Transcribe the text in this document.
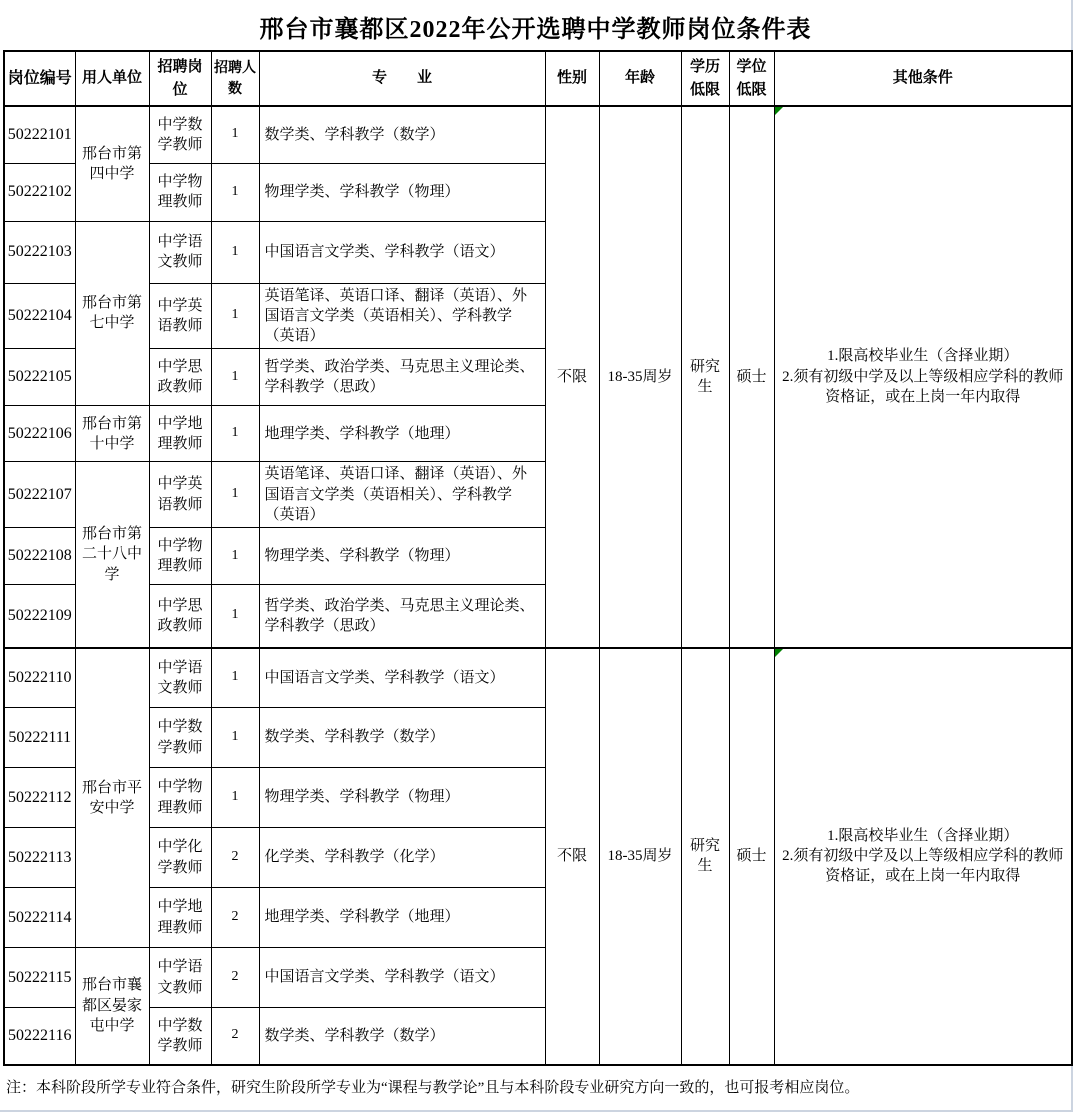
邢台市襄都区2022年公开选聘中学教师岗位条件表
岗位编号	用人单位	招聘岗位	招聘人数	专　　业	性别	年龄	学历低限	学位低限	其他条件
50222101	邢台市第四中学	中学数学教师	1	数学类、学科教学（数学）	不限	18-35周岁	研究生	硕士	1.限高校毕业生（含择业期）
2.须有初级中学及以上等级相应学科的教师资格证，或在上岗一年内取得

50222102		中学物理教师	1	物理学类、学科教学（物理）					
50222103	邢台市第七中学	中学语文教师	1	中国语言文学类、学科教学（语文）					
50222104		中学英语教师	1	英语笔译、英语口译、翻译（英语）、外国语言文学类（英语相关）、学科教学（英语）					
50222105		中学思政教师	1	哲学类、政治学类、马克思主义理论类、学科教学（思政）					
50222106	邢台市第十中学	中学地理教师	1	地理学类、学科教学（地理）					
50222107	邢台市第二十八中学	中学英语教师	1	英语笔译、英语口译、翻译（英语）、外国语言文学类（英语相关）、学科教学（英语）					
50222108		中学物理教师	1	物理学类、学科教学（物理）					
50222109		中学思政教师	1	哲学类、政治学类、马克思主义理论类、学科教学（思政）					
50222110	邢台市平安中学	中学语文教师	1	中国语言文学类、学科教学（语文）	不限	18-35周岁	研究生	硕士	1.限高校毕业生（含择业期）
2.须有初级中学及以上等级相应学科的教师资格证，或在上岗一年内取得

50222111		中学数学教师	1	数学类、学科教学（数学）					
50222112		中学物理教师	1	物理学类、学科教学（物理）					
50222113		中学化学教师	2	化学类、学科教学（化学）					
50222114		中学地理教师	2	地理学类、学科教学（地理）					
50222115	邢台市襄都区晏家屯中学	中学语文教师	2	中国语言文学类、学科教学（语文）					
50222116		中学数学教师	2	数学类、学科教学（数学）					
注：本科阶段所学专业符合条件，研究生阶段所学专业为“课程与教学论”且与本科阶段专业研究方向一致的，也可报考相应岗位。
